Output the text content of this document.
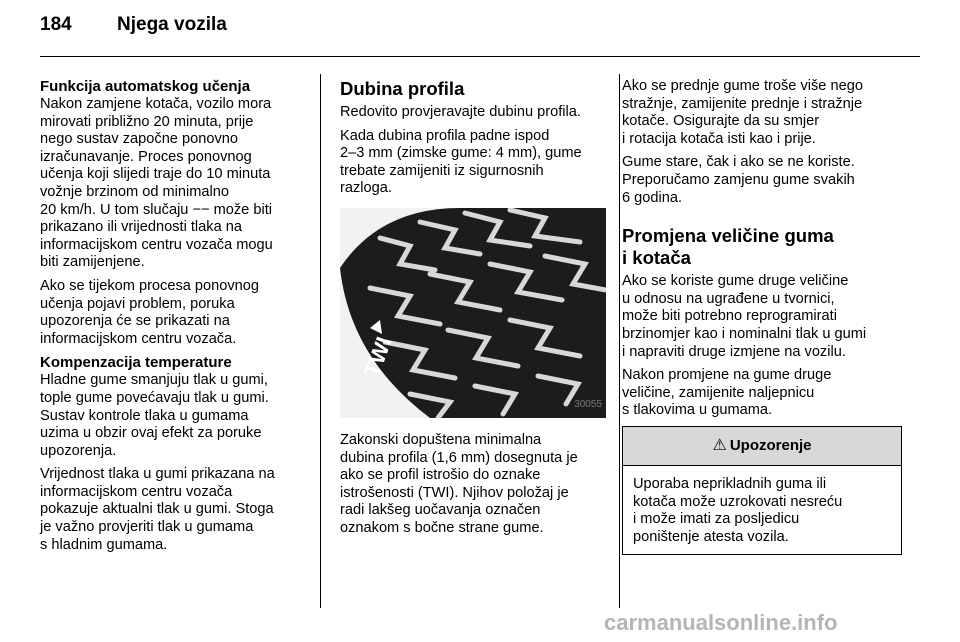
184 Njega vozila
Funkcija automatskog učenja

Nakon zamjene kotača, vozilo mora
mirovati približno 20 minuta, prije
nego sustav započne ponovno
izračunavanje. Proces ponovnog
učenja koji slijedi traje do 10 minuta
vožnje brzinom od minimalno
20 km/h. U tom slučaju −− može biti
prikazano ili vrijednosti tlaka na
informacijskom centru vozača mogu
biti zamijenjene.

Ako se tijekom procesa ponovnog
učenja pojavi problem, poruka
upozorenja će se prikazati na
informacijskom centru vozača.

Kompenzacija temperature

Hladne gume smanjuju tlak u gumi,
tople gume povećavaju tlak u gumi.
Sustav kontrole tlaka u gumama
uzima u obzir ovaj efekt za poruke
upozorenja.

Vrijednost tlaka u gumi prikazana na
informacijskom centru vozača
pokazuje aktualni tlak u gumi. Stoga
je važno provjeriti tlak u gumama
s hladnim gumama.

Dubina profila

Redovito provjeravajte dubinu profila.

Kada dubina profila padne ispod
2–3 mm (zimske gume: 4 mm), gume
trebate zamijeniti iz sigurnosnih
razloga.

TWI
30055

Zakonski dopuštena minimalna
dubina profila (1,6 mm) dosegnuta je
ako se profil istrošio do oznake
istrošenosti (TWI). Njihov položaj je
radi lakšeg uočavanja označen
oznakom s bočne strane gume.

Ako se prednje gume troše više nego
stražnje, zamijenite prednje i stražnje
kotače. Osigurajte da su smjer
i rotacija kotača isti kao i prije.

Gume stare, čak i ako se ne koriste.
Preporučamo zamjenu gume svakih
6 godina.

Promjena veličine guma
i kotača

Ako se koriste gume druge veličine
u odnosu na ugrađene u tvornici,
može biti potrebno reprogramirati
brzinomjer kao i nominalni tlak u gumi
i napraviti druge izmjene na vozilu.

Nakon promjene na gume druge
veličine, zamijenite naljepnicu
s tlakovima u gumama.

⚠ Upozorenje
Uporaba neprikladnih guma ili
kotača može uzrokovati nesreću
i može imati za posljedicu
poništenje atesta vozila.
carmanualsonline.info
